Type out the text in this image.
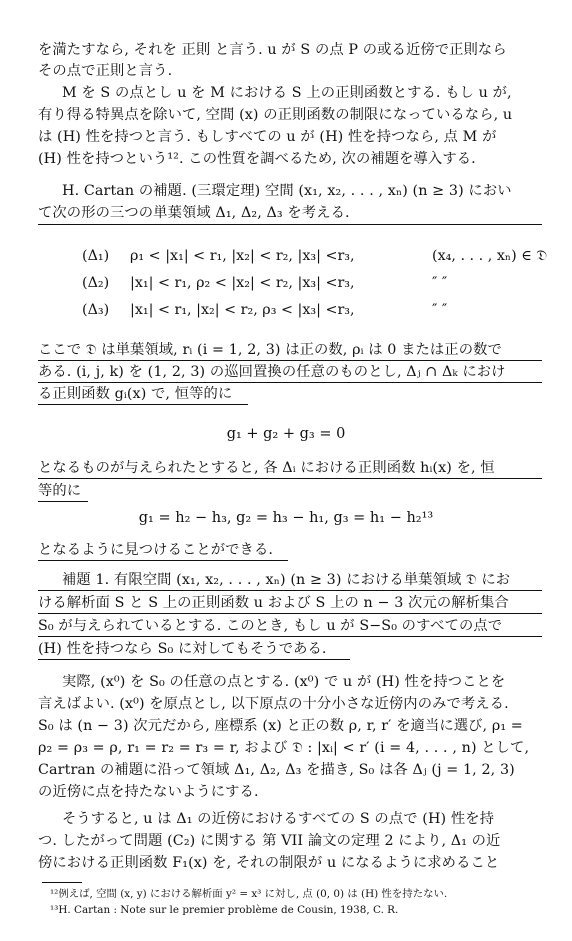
を満たすなら, それを 正則 と言う. u が S の点 P の或る近傍で正則なら

その点で正則と言う.

M を S の点とし u を M における S 上の正則函数とする. もし u が,

有り得る特異点を除いて, 空間 (x) の正則函数の制限になっているなら, u

は (H) 性を持つと言う. もしすべての u が (H) 性を持つなら, 点 M が

(H) 性を持つという¹². この性質を調べるため, 次の補題を導入する.

H. Cartan の補題. (三環定理) 空間 (x₁, x₂, . . . , xₙ) (n ≥ 3) におい

て次の形の三つの単葉領域 Δ₁, Δ₂, Δ₃ を考える.

(Δ₁) ρ₁ < |x₁| < r₁, |x₂| < r₂, |x₃| <r₃,	(x₄, . . . , xₙ) ∈ 𝔇

(Δ₂) |x₁| < r₁, ρ₂ < |x₂| < r₂, |x₃| <r₃,	″ ″

(Δ₃) |x₁| < r₁, |x₂| < r₂, ρ₃ < |x₃| <r₃,	″ ″

ここで 𝔇 は単葉領域, rᵢ (i = 1, 2, 3) は正の数, ρᵢ は 0 または正の数で

ある. (i, j, k) を (1, 2, 3) の巡回置換の任意のものとし, Δⱼ ∩ Δₖ におけ

る正則函数 gᵢ(x) で, 恒等的に

g₁ + g₂ + g₃ = 0

となるものが与えられたとすると, 各 Δᵢ における正則函数 hᵢ(x) を, 恒

等的に

g₁ = h₂ − h₃, g₂ = h₃ − h₁, g₃ = h₁ − h₂¹³

となるように見つけることができる.

補題 1. 有限空間 (x₁, x₂, . . . , xₙ) (n ≥ 3) における単葉領域 𝔇 にお

ける解析面 S と S 上の正則函数 u および S 上の n − 3 次元の解析集合

S₀ が与えられているとする. このとき, もし u が S−S₀ のすべての点で

(H) 性を持つなら S₀ に対してもそうである.

実際, (x⁰) を S₀ の任意の点とする. (x⁰) で u が (H) 性を持つことを

言えばよい. (x⁰) を原点とし, 以下原点の十分小さな近傍内のみで考える.

S₀ は (n − 3) 次元だから, 座標系 (x) と正の数 ρ, r, r′ を適当に選び, ρ₁ =

ρ₂ = ρ₃ = ρ, r₁ = r₂ = r₃ = r, および 𝔇 : |xᵢ| < r′ (i = 4, . . . , n) として,

Cartran の補題に沿って領域 Δ₁, Δ₂, Δ₃ を描き, S₀ は各 Δⱼ (j = 1, 2, 3)

の近傍に点を持たないようにする.

そうすると, u は Δ₁ の近傍におけるすべての S の点で (H) 性を持

つ. したがって問題 (C₂) に関する 第 VII 論文の定理 2 により, Δ₁ の近

傍における正則函数 F₁(x) を, それの制限が u になるように求めること

¹²例えば, 空間 (x, y) における解析面 y² = x³ に対し, 点 (0, 0) は (H) 性を持たない.

¹³H. Cartan : Note sur le premier problème de Cousin, 1938, C. R.
